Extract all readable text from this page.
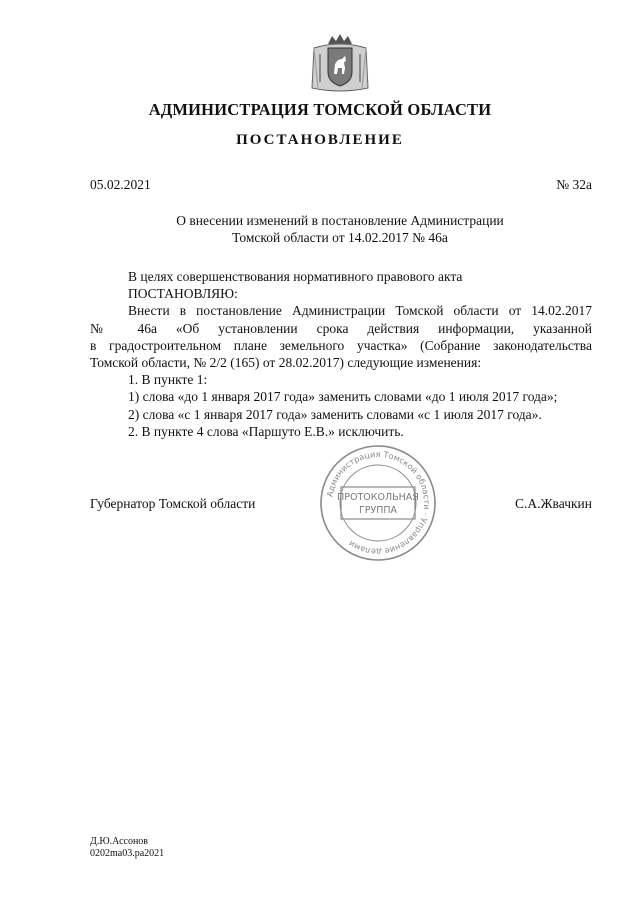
АДМИНИСТРАЦИЯ ТОМСКОЙ ОБЛАСТИ
ПОСТАНОВЛЕНИЕ
05.02.2021	№ 32а
О внесении изменений в постановление Администрации
Томской области от 14.02.2017 № 46а

В целях совершенствования нормативного правового акта

ПОСТАНОВЛЯЮ:

Внести в постановление Администрации Томской области от 14.02.2017

№ 46а «Об установлении срока действия информации, указанной

в градостроительном плане земельного участка» (Собрание законодательства

Томской области, № 2/2 (165) от 28.02.2017) следующие изменения:

1. В пункте 1:

1) слова «до 1 января 2017 года» заменить словами «до 1 июля 2017 года»;

2) слова «с 1 января 2017 года» заменить словами «с 1 июля 2017 года».

2. В пункте 4 слова «Паршуто Е.В.» исключить.

Губернатор Томской области	С.А.Жвачкин
Администрация Томской области · Управление делами
ПРОТОКОЛЬНАЯ
ГРУППА
Д.Ю.Ассонов
0202ma03.pa2021
